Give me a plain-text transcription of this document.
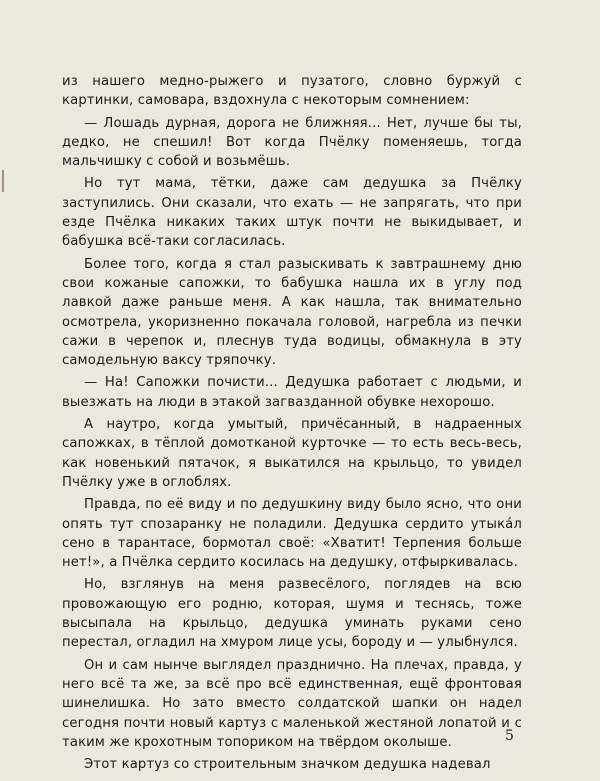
из нашего медно-рыжего и пузатого, словно буржуй с картинки, самовара, вздохнула с некоторым сомнением:

— Лошадь дурная, дорога не ближняя... Нет, лучше бы ты, дедко, не спешил! Вот когда Пчёлку поменяешь, тогда мальчишку с собой и возьмёшь.

Но тут мама, тётки, даже сам дедушка за Пчёлку заступились. Они сказали, что ехать — не запрягать, что при езде Пчёлка никаких таких штук почти не выкидывает, и бабушка всё-таки согласилась.

Более того, когда я стал разыскивать к завтрашнему дню свои кожаные сапожки, то бабушка нашла их в углу под лавкой даже раньше меня. А как нашла, так внимательно осмотрела, укоризненно покачала головой, нагребла из печки сажи в черепок и, плеснув туда водицы, обмакнула в эту самодельную ваксу тряпочку.

— На! Сапожки почисти... Дедушка работает с людьми, и выезжать на люди в этакой загвазданной обувке нехорошо.

А наутро, когда умытый, причёсанный, в надраенных сапожках, в тёплой домотканой курточке — то есть весь-весь, как новенький пятачок, я выкатился на крыльцо, то увидел Пчёлку уже в оглоблях.

Правда, по её виду и по дедушкину виду было ясно, что они опять тут спозаранку не поладили. Дедушка сердито утыкáл сено в тарантасе, бормотал своё: «Хватит! Терпения больше нет!», а Пчёлка сердито косилась на дедушку, отфыркивалась.

Но, взглянув на меня развесёлого, поглядев на всю провожающую его родню, которая, шумя и теснясь, тоже высыпала на крыльцо, дедушка уминать руками сено перестал, огладил на хмуром лице усы, бороду и — улыбнулся.

Он и сам нынче выглядел празднично. На плечах, правда, у него всё та же, за всё про всё единственная, ещё фронтовая шинелишка. Но зато вместо солдатской шапки он надел сегодня почти новый картуз с маленькой жестяной лопатой и с таким же крохотным топориком на твёрдом околыше.

Этот картуз со строительным значком дедушка надевал

5
